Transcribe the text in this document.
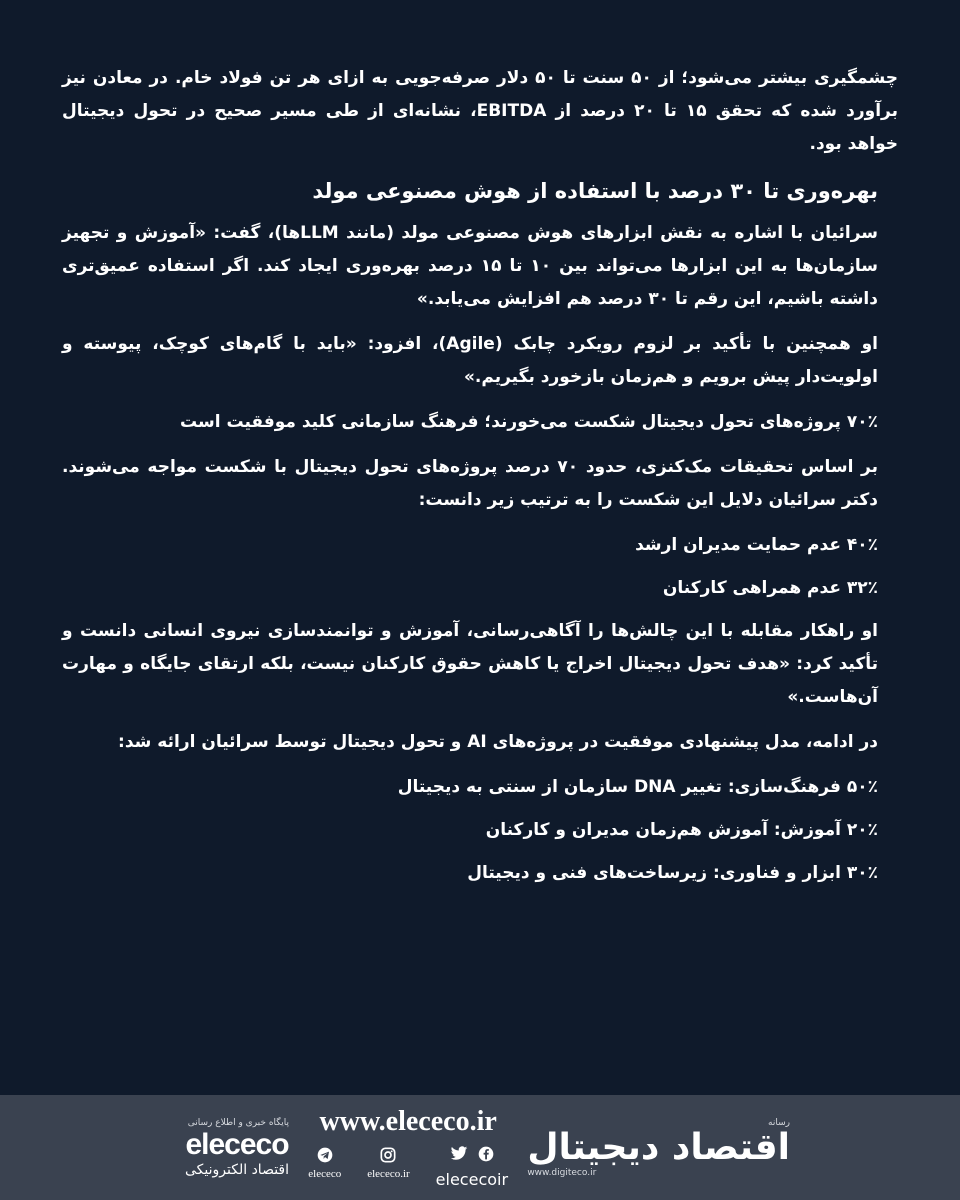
چشمگیری بیشتر می‌شود؛ از ۵۰ سنت تا ۵۰ دلار صرفه‌جویی به ازای هر تن فولاد خام. در معادن نیز برآورد شده که تحقق ۱۵ تا ۲۰ درصد از EBITDA، نشانه‌ای از طی مسیر صحیح در تحول دیجیتال خواهد بود.

بهره‌وری تا ۳۰ درصد با استفاده از هوش مصنوعی مولد

سرائیان با اشاره به نقش ابزارهای هوش مصنوعی مولد (مانند LLMها)، گفت: «آموزش و تجهیز سازمان‌ها به این ابزارها می‌تواند بین ۱۰ تا ۱۵ درصد بهره‌وری ایجاد کند. اگر استفاده عمیق‌تری داشته باشیم، این رقم تا ۳۰ درصد هم افزایش می‌یابد.»

او همچنین با تأکید بر لزوم رویکرد چابک (Agile)، افزود: «باید با گام‌های کوچک، پیوسته و اولویت‌دار پیش برویم و هم‌زمان بازخورد بگیریم.»

۷۰٪ پروژه‌های تحول دیجیتال شکست می‌خورند؛ فرهنگ سازمانی کلید موفقیت است

بر اساس تحقیقات مک‌کنزی، حدود ۷۰ درصد پروژه‌های تحول دیجیتال با شکست مواجه می‌شوند. دکتر سرائیان دلایل این شکست را به ترتیب زیر دانست:

۴۰٪ عدم حمایت مدیران ارشد
۳۲٪ عدم همراهی کارکنان

او راهکار مقابله با این چالش‌ها را آگاهی‌رسانی، آموزش و توانمندسازی نیروی انسانی دانست و تأکید کرد: «هدف تحول دیجیتال اخراج یا کاهش حقوق کارکنان نیست، بلکه ارتقای جایگاه و مهارت آن‌هاست.»

در ادامه، مدل پیشنهادی موفقیت در پروژه‌های AI و تحول دیجیتال توسط سرائیان ارائه شد:

۵۰٪ فرهنگ‌سازی: تغییر DNA سازمان از سنتی به دیجیتال
۲۰٪ آموزش: آموزش هم‌زمان مدیران و کارکنان
۳۰٪ ابزار و فناوری: زیرساخت‌های فنی و دیجیتال
پایگاه خبری و اطلاع رسانی
elececo
اقتصاد الکترونیکی
www.elececo.ir
elececo elececo.ir elececoir
رسانه
اقتصاد دیجیتال
www.digiteco.ir
